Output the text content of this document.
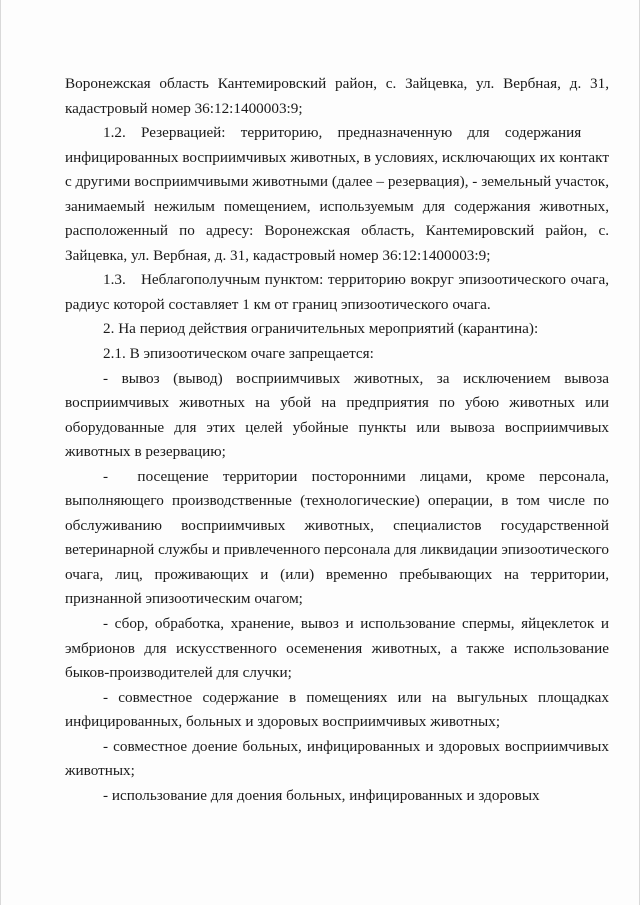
Воронежская область Кантемировский район, с. Зайцевка, ул. Вербная, д. 31, кадастровый номер 36:12:1400003:9;

1.2. Резервацией: территорию, предназначенную для содержания инфицированных восприимчивых животных, в условиях, исключающих их контакт с другими восприимчивыми животными (далее – резервация), - земельный участок, занимаемый нежилым помещением, используемым для содержания животных, расположенный по адресу: Воронежская область, Кантемировский район, с. Зайцевка, ул. Вербная, д. 31, кадастровый номер 36:12:1400003:9;

1.3. Неблагополучным пунктом: территорию вокруг эпизоотического очага, радиус которой составляет 1 км от границ эпизоотического очага.

2. На период действия ограничительных мероприятий (карантина):

2.1. В эпизоотическом очаге запрещается:

- вывоз (вывод) восприимчивых животных, за исключением вывоза восприимчивых животных на убой на предприятия по убою животных или оборудованные для этих целей убойные пункты или вывоза восприимчивых животных в резервацию;

-  посещение территории посторонними лицами, кроме персонала, выполняющего производственные (технологические) операции, в том числе по обслуживанию восприимчивых животных, специалистов государственной ветеринарной службы и привлеченного персонала для ликвидации эпизоотического очага, лиц, проживающих и (или) временно пребывающих на территории, признанной эпизоотическим очагом;

- сбор, обработка, хранение, вывоз и использование спермы, яйцеклеток и эмбрионов для искусственного осеменения животных, а также использование быков-производителей для случки;

- совместное содержание в помещениях или на выгульных площадках инфицированных, больных и здоровых восприимчивых животных;

- совместное доение больных, инфицированных и здоровых восприимчивых животных;

- использование для доения больных, инфицированных и здоровых
